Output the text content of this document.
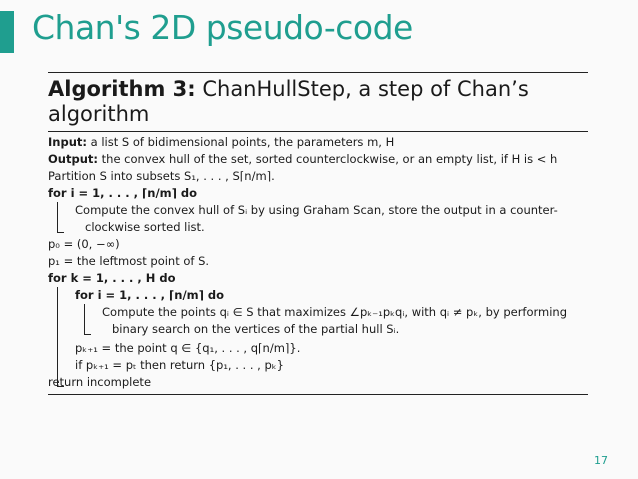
Chan's 2D pseudo-code
Algorithm 3: ChanHullStep, a step of Chan’s algorithm
Input: a list S of bidimensional points, the parameters m, H
Output: the convex hull of the set, sorted counterclockwise, or an empty list, if H is < h
Partition S into subsets S₁, . . . , S⌈n/m⌉.
for i = 1, . . . , ⌈n/m⌉ do
Compute the convex hull of Sᵢ by using Graham Scan, store the output in a counter-clockwise sorted list.
p₀ = (0, −∞)
p₁ = the leftmost point of S.
for k = 1, . . . , H do
for i = 1, . . . , ⌈n/m⌉ do
Compute the points qᵢ ∈ S that maximizes ∠pₖ₋₁pₖqᵢ, with qᵢ ≠ pₖ, by performing binary search on the vertices of the partial hull Sᵢ.
pₖ₊₁ = the point q ∈ {q₁, . . . , q⌈n/m⌉}.
if pₖ₊₁ = pₜ then return {p₁, . . . , pₖ}
return incomplete
17
